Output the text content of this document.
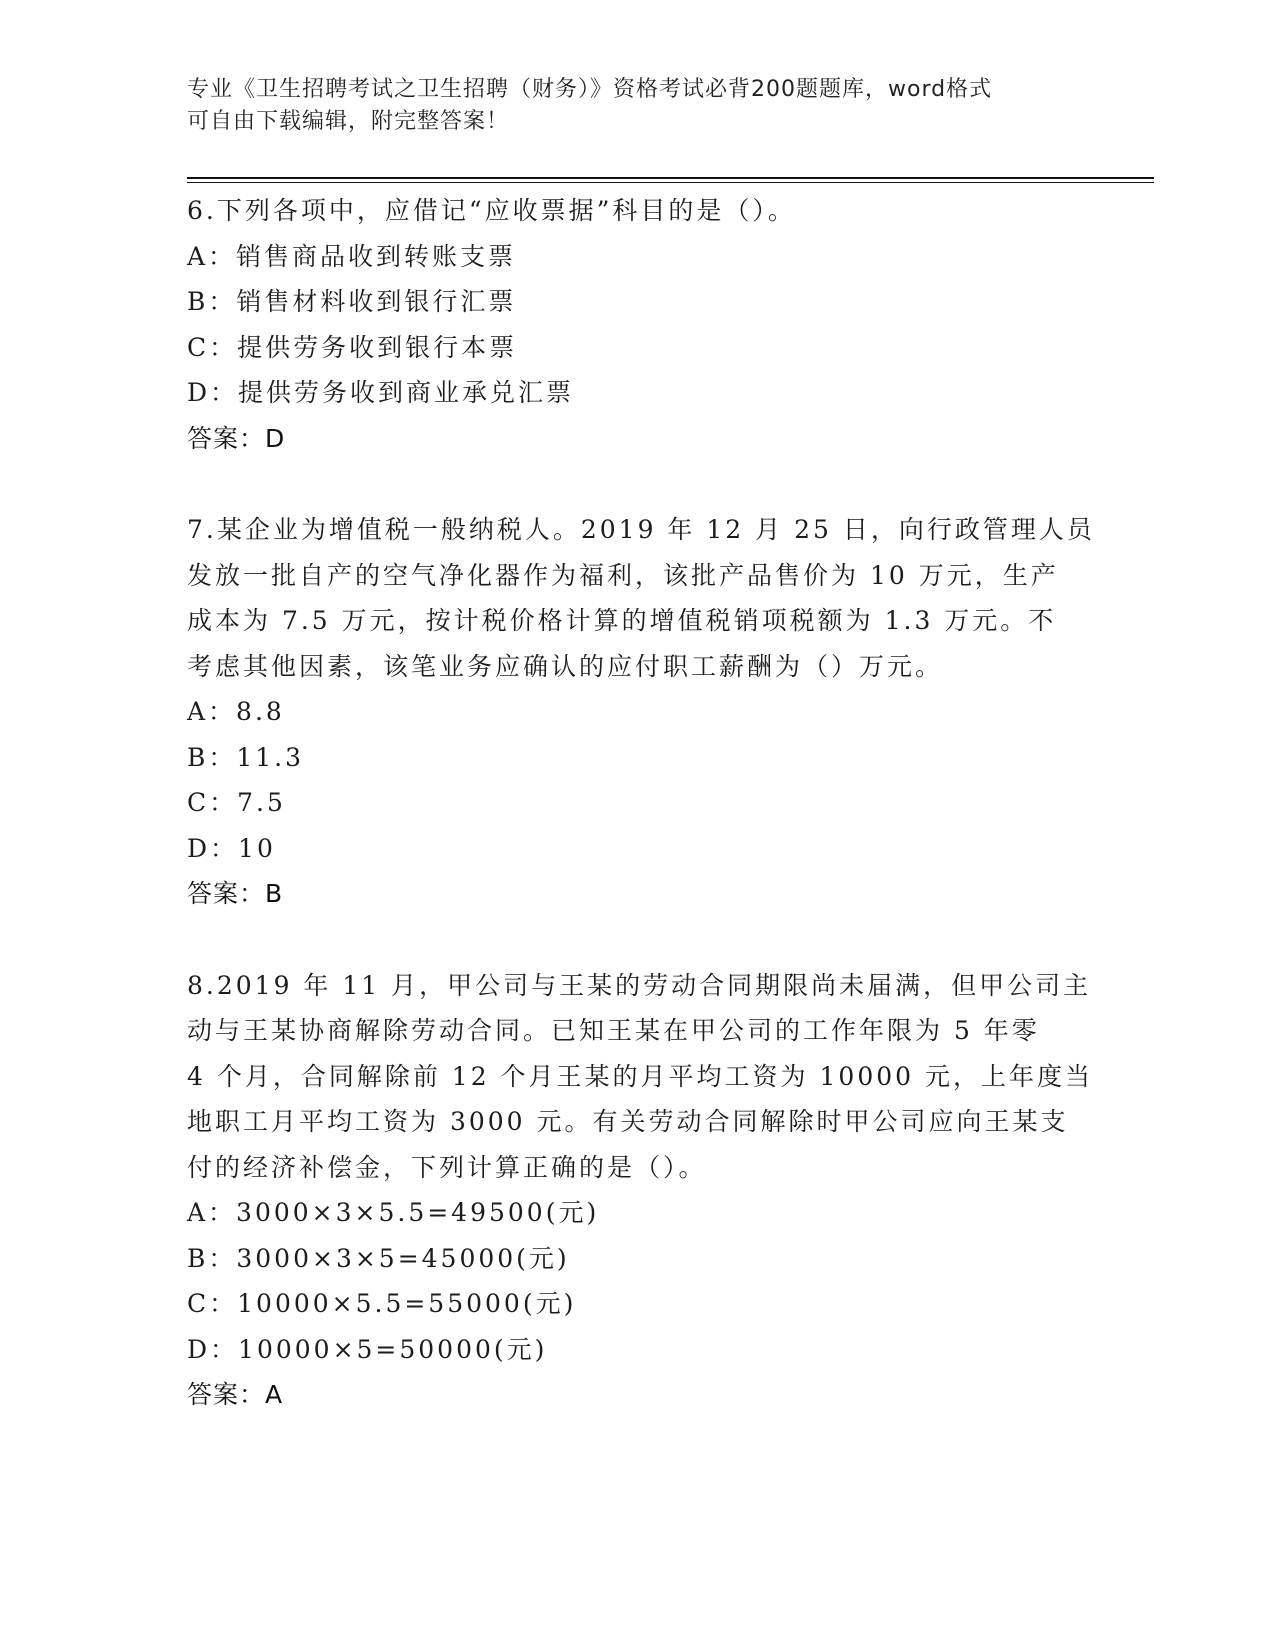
专业《卫生招聘考试之卫生招聘（财务）》资格考试必背200题题库，word格式
可自由下载编辑，附完整答案！
6.下列各项中，应借记“应收票据”科目的是（）。
A：销售商品收到转账支票
B：销售材料收到银行汇票
C：提供劳务收到银行本票
D：提供劳务收到商业承兑汇票
答案：D
7.某企业为增值税一般纳税人。2019 年 12 月 25 日，向行政管理人员
发放一批自产的空气净化器作为福利，该批产品售价为 10 万元，生产
成本为 7.5 万元，按计税价格计算的增值税销项税额为 1.3 万元。不
考虑其他因素，该笔业务应确认的应付职工薪酬为（）万元。
A：8.8
B：11.3
C：7.5
D：10
答案：B
8.2019 年 11 月，甲公司与王某的劳动合同期限尚未届满，但甲公司主
动与王某协商解除劳动合同。已知王某在甲公司的工作年限为 5 年零
4 个月，合同解除前 12 个月王某的月平均工资为 10000 元，上年度当
地职工月平均工资为 3000 元。有关劳动合同解除时甲公司应向王某支
付的经济补偿金，下列计算正确的是（）。
A：3000×3×5.5=49500(元)
B：3000×3×5=45000(元)
C：10000×5.5=55000(元)
D：10000×5=50000(元)
答案：A
